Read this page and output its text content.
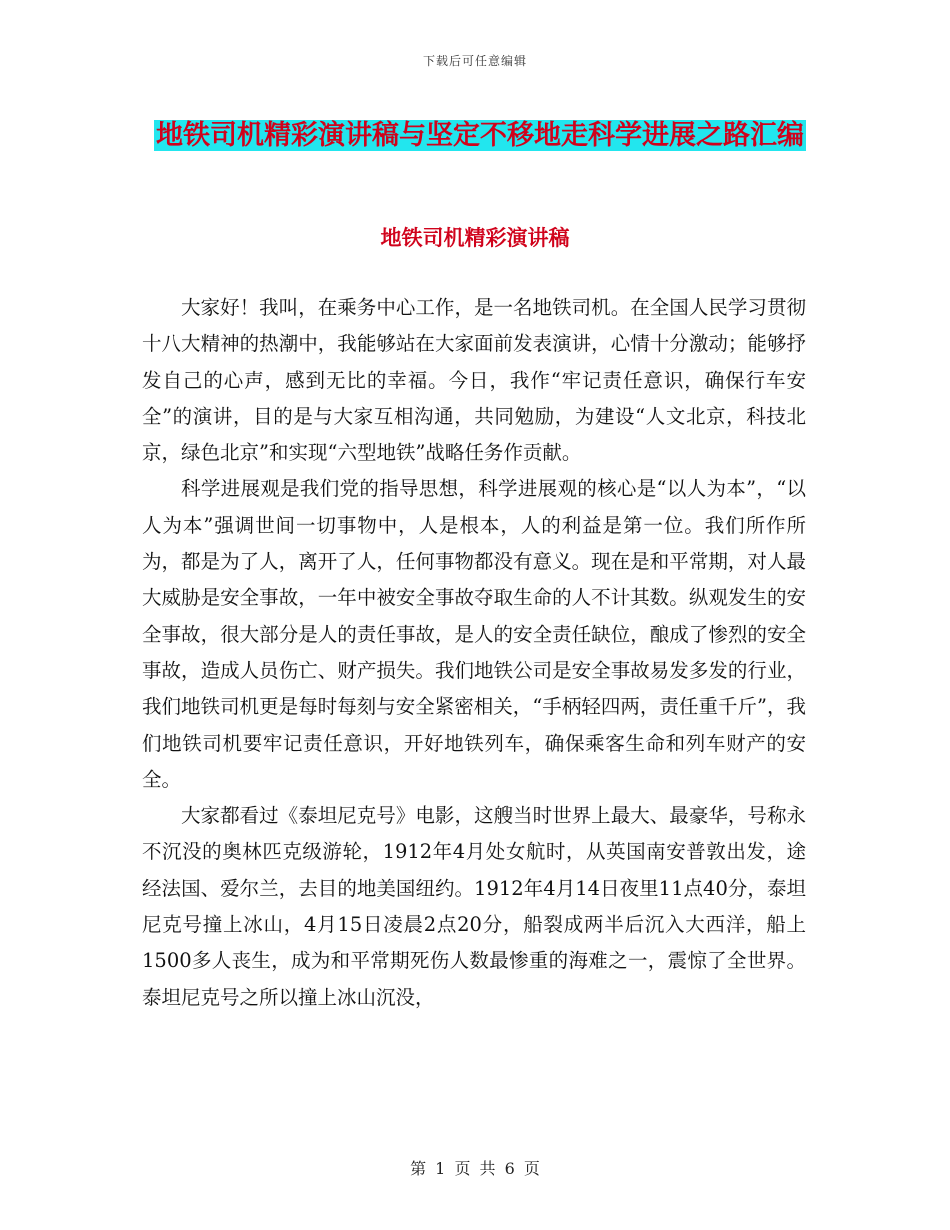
下载后可任意编辑
地铁司机精彩演讲稿与坚定不移地走科学进展之路汇编
地铁司机精彩演讲稿

大家好！我叫，在乘务中心工作，是一名地铁司机。在全国人民学习贯彻十八大精神的热潮中，我能够站在大家面前发表演讲，心情十分激动；能够抒发自己的心声，感到无比的幸福。今日，我作“牢记责任意识，确保行车安全”的演讲，目的是与大家互相沟通，共同勉励，为建设“人文北京，科技北京，绿色北京”和实现“六型地铁”战略任务作贡献。

科学进展观是我们党的指导思想，科学进展观的核心是“以人为本”，“以人为本”强调世间一切事物中，人是根本，人的利益是第一位。我们所作所为，都是为了人，离开了人，任何事物都没有意义。现在是和平常期，对人最大威胁是安全事故，一年中被安全事故夺取生命的人不计其数。纵观发生的安全事故，很大部分是人的责任事故，是人的安全责任缺位，酿成了惨烈的安全事故，造成人员伤亡、财产损失。我们地铁公司是安全事故易发多发的行业，我们地铁司机更是每时每刻与安全紧密相关，“手柄轻四两，责任重千斤”，我们地铁司机要牢记责任意识，开好地铁列车，确保乘客生命和列车财产的安全。

大家都看过《泰坦尼克号》电影，这艘当时世界上最大、最豪华，号称永不沉没的奥林匹克级游轮，1912年4月处女航时，从英国南安普敦出发，途经法国、爱尔兰，去目的地美国纽约。1912年4月14日夜里11点40分，泰坦尼克号撞上冰山，4月15日凌晨2点20分，船裂成两半后沉入大西洋，船上1500多人丧生，成为和平常期死伤人数最惨重的海难之一，震惊了全世界。泰坦尼克号之所以撞上冰山沉没，

第 1 页 共 6 页
